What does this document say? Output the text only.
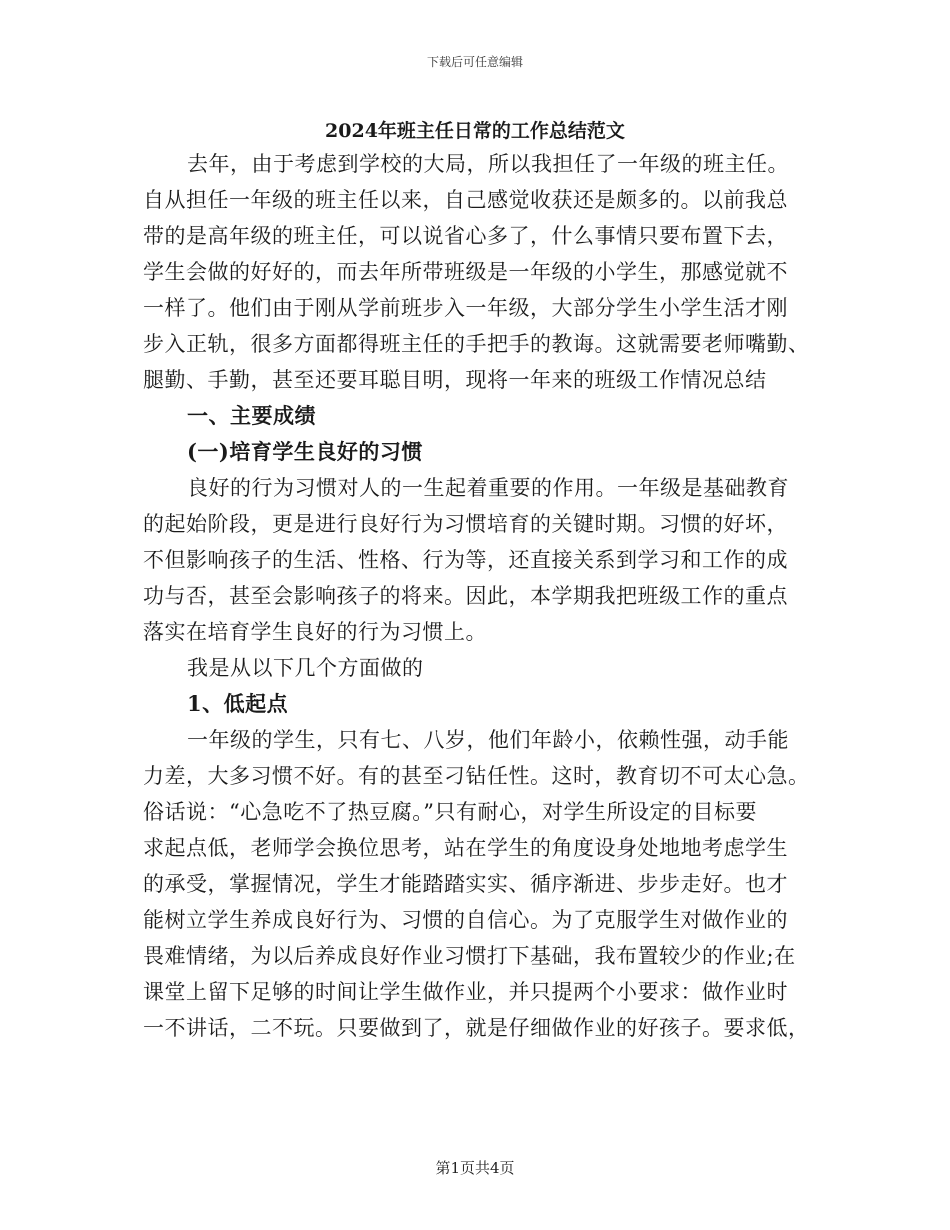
下载后可任意编辑
2024年班主任日常的工作总结范文
去年，由于考虑到学校的大局，所以我担任了一年级的班主任。
自从担任一年级的班主任以来，自己感觉收获还是颇多的。以前我总
带的是高年级的班主任，可以说省心多了，什么事情只要布置下去，
学生会做的好好的，而去年所带班级是一年级的小学生，那感觉就不
一样了。他们由于刚从学前班步入一年级，大部分学生小学生活才刚
步入正轨，很多方面都得班主任的手把手的教诲。这就需要老师嘴勤、
腿勤、手勤，甚至还要耳聪目明，现将一年来的班级工作情况总结
一、主要成绩
(一)培育学生良好的习惯
良好的行为习惯对人的一生起着重要的作用。一年级是基础教育
的起始阶段，更是进行良好行为习惯培育的关键时期。习惯的好坏，
不但影响孩子的生活、性格、行为等，还直接关系到学习和工作的成
功与否，甚至会影响孩子的将来。因此，本学期我把班级工作的重点
落实在培育学生良好的行为习惯上。
我是从以下几个方面做的
1、低起点
一年级的学生，只有七、八岁，他们年龄小，依赖性强，动手能
力差，大多习惯不好。有的甚至刁钻任性。这时，教育切不可太心急。
俗话说：“心急吃不了热豆腐。”只有耐心，对学生所设定的目标要
求起点低，老师学会换位思考，站在学生的角度设身处地地考虑学生
的承受，掌握情况，学生才能踏踏实实、循序渐进、步步走好。也才
能树立学生养成良好行为、习惯的自信心。为了克服学生对做作业的
畏难情绪，为以后养成良好作业习惯打下基础，我布置较少的作业;在
课堂上留下足够的时间让学生做作业，并只提两个小要求：做作业时
一不讲话，二不玩。只要做到了，就是仔细做作业的好孩子。要求低，
第1页共4页
